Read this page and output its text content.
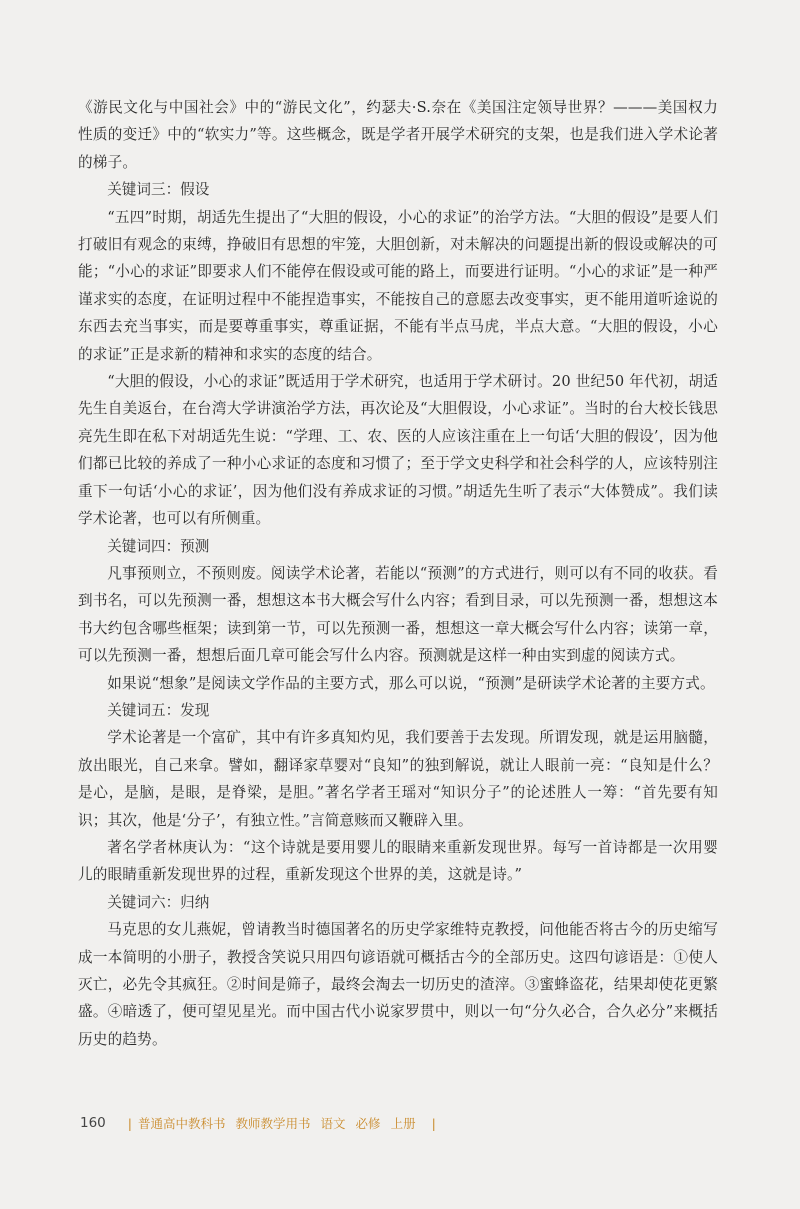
《游民文化与中国社会》中的“游民文化”，约瑟夫·S.奈在《美国注定领导世界？———美国权力性质的变迁》中的“软实力”等。这些概念，既是学者开展学术研究的支架，也是我们进入学术论著的梯子。

关键词三：假设

“五四”时期，胡适先生提出了“大胆的假设，小心的求证”的治学方法。“大胆的假设”是要人们打破旧有观念的束缚，挣破旧有思想的牢笼，大胆创新，对未解决的问题提出新的假设或解决的可能；“小心的求证”即要求人们不能停在假设或可能的路上，而要进行证明。“小心的求证”是一种严谨求实的态度，在证明过程中不能捏造事实，不能按自己的意愿去改变事实，更不能用道听途说的东西去充当事实，而是要尊重事实，尊重证据，不能有半点马虎，半点大意。“大胆的假设，小心的求证”正是求新的精神和求实的态度的结合。

“大胆的假设，小心的求证”既适用于学术研究，也适用于学术研讨。20 世纪50 年代初，胡适先生自美返台，在台湾大学讲演治学方法，再次论及“大胆假设，小心求证”。当时的台大校长钱思亮先生即在私下对胡适先生说：“学理、工、农、医的人应该注重在上一句话‘大胆的假设’，因为他们都已比较的养成了一种小心求证的态度和习惯了；至于学文史科学和社会科学的人，应该特别注重下一句话‘小心的求证’，因为他们没有养成求证的习惯。”胡适先生听了表示“大体赞成”。我们读学术论著，也可以有所侧重。

关键词四：预测

凡事预则立，不预则废。阅读学术论著，若能以“预测”的方式进行，则可以有不同的收获。看到书名，可以先预测一番，想想这本书大概会写什么内容；看到目录，可以先预测一番，想想这本书大约包含哪些框架；读到第一节，可以先预测一番，想想这一章大概会写什么内容；读第一章，可以先预测一番，想想后面几章可能会写什么内容。预测就是这样一种由实到虚的阅读方式。

如果说“想象”是阅读文学作品的主要方式，那么可以说，“预测”是研读学术论著的主要方式。

关键词五：发现

学术论著是一个富矿，其中有许多真知灼见，我们要善于去发现。所谓发现，就是运用脑髓，放出眼光，自己来拿。譬如，翻译家草婴对“良知”的独到解说，就让人眼前一亮：“良知是什么？是心，是脑，是眼，是脊梁，是胆。”著名学者王瑶对“知识分子”的论述胜人一筹：“首先要有知识；其次，他是‘分子’，有独立性。”言简意赅而又鞭辟入里。

著名学者林庚认为：“这个诗就是要用婴儿的眼睛来重新发现世界。每写一首诗都是一次用婴儿的眼睛重新发现世界的过程，重新发现这个世界的美，这就是诗。”

关键词六：归纳

马克思的女儿燕妮，曾请教当时德国著名的历史学家维特克教授，问他能否将古今的历史缩写成一本简明的小册子，教授含笑说只用四句谚语就可概括古今的全部历史。这四句谚语是：①使人灭亡，必先令其疯狂。②时间是筛子，最终会淘去一切历史的渣滓。③蜜蜂盗花，结果却使花更繁盛。④暗透了，便可望见星光。而中国古代小说家罗贯中，则以一句“分久必合，合久必分”来概括历史的趋势。

160 | 普通高中教科书 教师教学用书 语文 必修 上册 |
